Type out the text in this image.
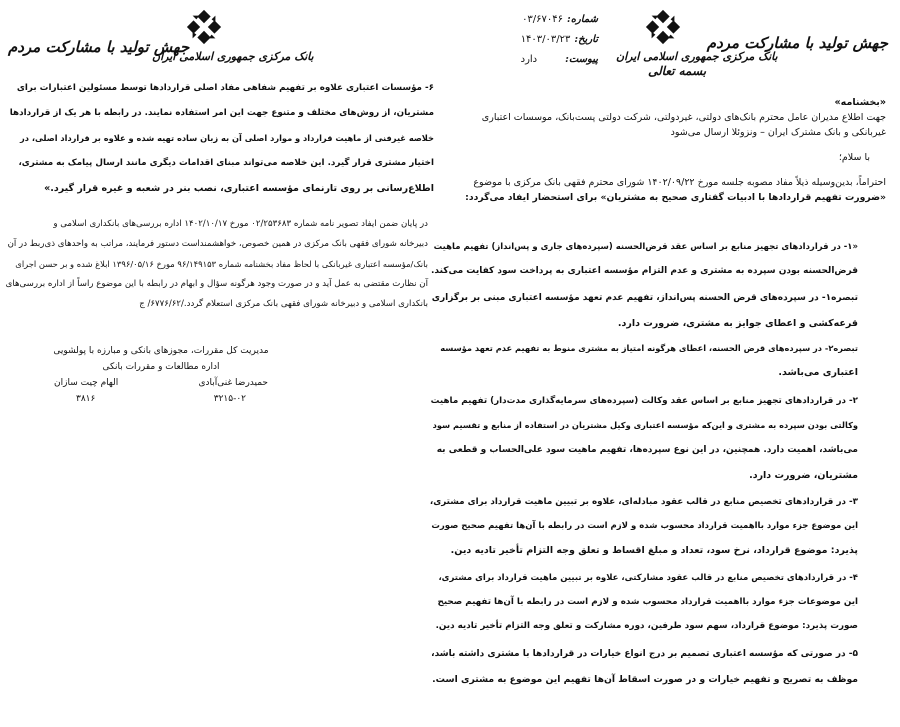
جهش تولید با مشارکت مردم
بانک مرکزی جمهوری اسلامی ایران
بسمه تعالی
شماره:
۰۳/۶۷۰۴۶
تاریخ:
۱۴۰۳/۰۳/۲۳
پیوست:
دارد
«بخشنامه»
جهت اطلاع مدیران عامل محترم بانک‌های دولتی، غیردولتی، شرکت دولتی پست‌بانک، موسسات اعتباری
غیربانکی و بانک مشترک ایران – ونزوئلا ارسال می‌شود
با سلام؛
احتراماً، بدین‌وسیله ذیلاً مفاد مصوبه جلسه مورخ ۱۴۰۲/۰۹/۲۲ شورای محترم فقهی بانک مرکزی با موضوع
«ضرورت تفهیم قراردادها با ادبیات گفتاری صحیح به مشتریان» برای استحضار ایفاد می‌گردد:
«۱- در قراردادهای تجهیز منابع بر اساس عقد قرض‌الحسنه (سپرده‌های جاری و پس‌انداز) تفهیم ماهیت
قرض‌الحسنه بودن سپرده به مشتری و عدم التزام مؤسسه اعتباری به پرداخت سود کفایت می‌کند.
تبصره۱- در سپرده‌های قرض الحسنه پس‌انداز، تفهیم عدم تعهد مؤسسه اعتباری مبنی بر برگزاری
قرعه‌کشی و اعطای جوایز به مشتری، ضرورت دارد.
تبصره۲- در سپرده‌های قرض الحسنه، اعطای هرگونه امتیاز به مشتری منوط به تفهیم عدم تعهد مؤسسه
اعتباری می‌باشد.
۲- در قراردادهای تجهیز منابع بر اساس عقد وکالت (سپرده‌های سرمایه‌گذاری مدت‌دار) تفهیم ماهیت
وکالتی بودن سپرده به مشتری و این‌که مؤسسه اعتباری وکیل مشتریان در استفاده از منابع و تقسیم سود
می‌باشد، اهمیت دارد. همچنین، در این نوع سپرده‌ها، تفهیم ماهیت سود علی‌الحساب و قطعی به
مشتریان، ضرورت دارد.
۳- در قراردادهای تخصیص منابع در قالب عقود مبادله‌ای، علاوه بر تبیین ماهیت قرارداد برای مشتری،
این موضوع جزء موارد بااهمیت قرارداد محسوب شده و لازم است در رابطه با آن‌ها تفهیم صحیح صورت
پذیرد: موضوع قرارداد، نرخ سود، تعداد و مبلغ اقساط و تعلق وجه التزام تأخیر تادیه دین.
۴- در قراردادهای تخصیص منابع در قالب عقود مشارکتی، علاوه بر تبیین ماهیت قرارداد برای مشتری،
این موضوعات جزء موارد بااهمیت قرارداد محسوب شده و لازم است در رابطه با آن‌ها تفهیم صحیح
صورت پذیرد: موضوع قرارداد، سهم سود طرفین، دوره مشارکت و تعلق وجه التزام تأخیر تادیه دین.
۵- در صورتی که مؤسسه اعتباری تصمیم بر درج انواع خیارات در قراردادها با مشتری داشته باشد،
موظف به تصریح و تفهیم خیارات و در صورت اسقاط آن‌ها تفهیم این موضوع به مشتری است.
جهش تولید با مشارکت مردم
بانک مرکزی جمهوری اسلامی ایران
۶- مؤسسات اعتباری علاوه بر تفهیم شفاهی مفاد اصلی قراردادها توسط مسئولین اعتبارات برای
مشتریان، از روش‌های مختلف و متنوع جهت این امر استفاده نمایند. در رابطه با هر یک از قراردادها
خلاصه غیرفنی از ماهیت قرارداد و موارد اصلی آن به زبان ساده تهیه شده و علاوه بر قرارداد اصلی، در
اختیار مشتری قرار گیرد. این خلاصه می‌تواند مبنای اقدامات دیگری مانند ارسال پیامک به مشتری،
اطلاع‌رسانی بر روی تارنمای مؤسسه اعتباری، نصب بنر در شعبه و غیره قرار گیرد.»
در پایان ضمن ایفاد تصویر نامه شماره ۰۲/۲۵۳۶۸۳ مورخ ۱۴۰۲/۱۰/۱۷ اداره بررسی‌های بانکداری اسلامی و
دبیرخانه شورای فقهی بانک مرکزی در همین خصوص، خواهشمنداست دستور فرمایند، مراتب به واحدهای ذی‌ربط در آن
بانک/مؤسسه اعتباری غیربانکی با لحاظ مفاد بخشنامه شماره ۹۶/۱۴۹۱۵۳ مورخ ۱۳۹۶/۰۵/۱۶ ابلاغ شده و بر حسن اجرای
آن نظارت مقتضی به عمل آید و در صورت وجود هرگونه سؤال و ابهام در رابطه با این موضوع راساً از اداره بررسی‌های
بانکداری اسلامی و دبیرخانه شورای فقهی بانک مرکزی استعلام گردد./۶۷۷۶/۶۲/ ج
مدیریت کل مقررات، مجوزهای بانکی و مبارزه با پولشویی
اداره مطالعات و مقررات بانکی
حمیدرضا غنی‌آبادی
الهام چیت سازان
۳۲۱۵-۰۲
۳۸۱۶
